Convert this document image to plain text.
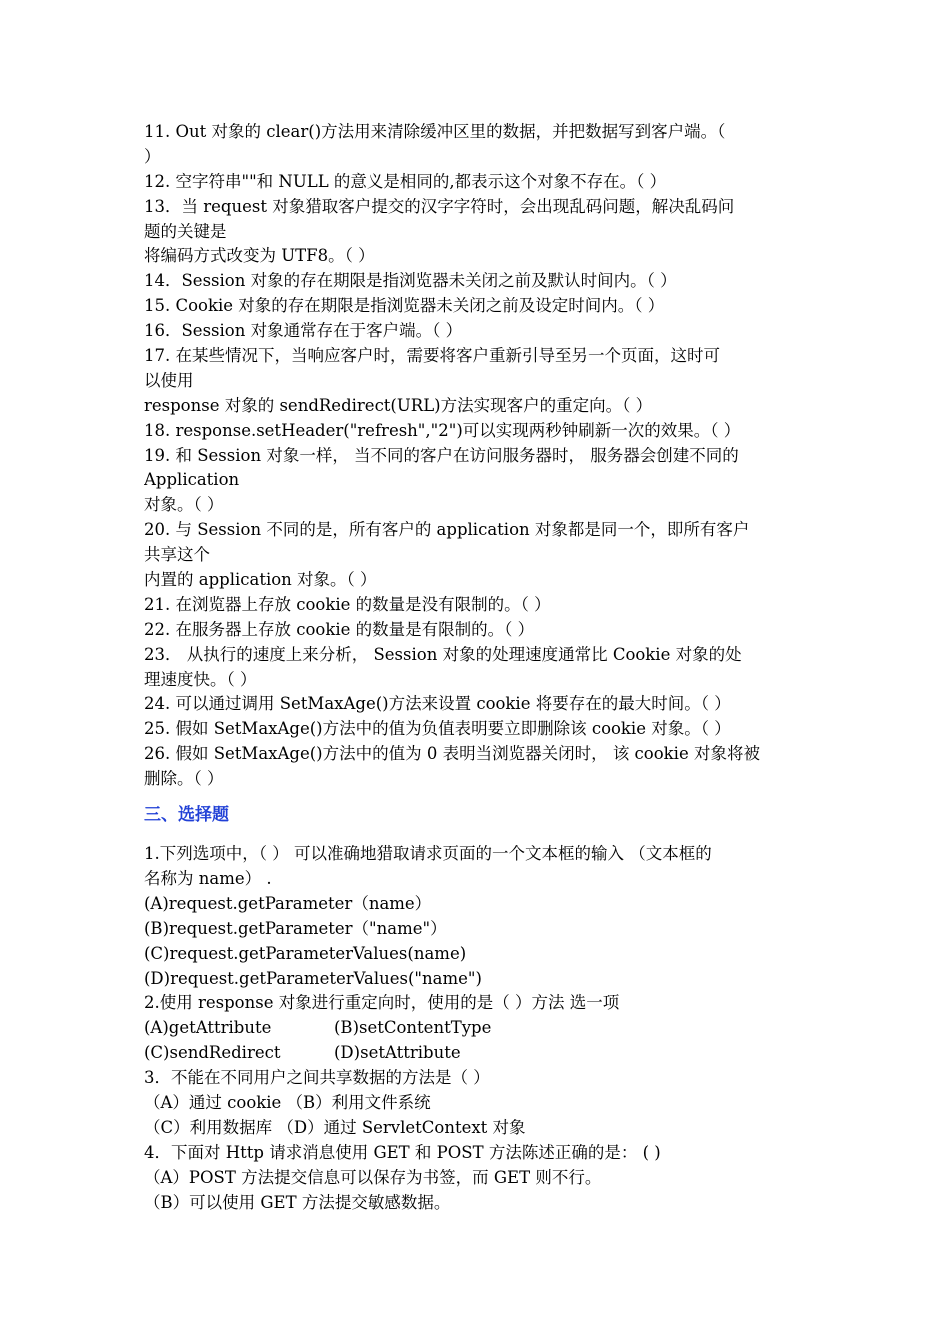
11. Out 对象的 clear()方法用来清除缓冲区里的数据，并把数据写到客户端。（
）
12. 空字符串""和 NULL 的意义是相同的,都表示这个对象不存在。（ ）
13．当 request 对象猎取客户提交的汉字字符时，会出现乱码问题，解决乱码问
题的关键是
将编码方式改变为 UTF8。（ ）
14．Session 对象的存在期限是指浏览器未关闭之前及默认时间内。（ ）
15. Cookie 对象的存在期限是指浏览器未关闭之前及设定时间内。（ ）
16．Session 对象通常存在于客户端。（ ）
17. 在某些情况下，当响应客户时，需要将客户重新引导至另一个页面，这时可
以使用
response 对象的 sendRedirect(URL)方法实现客户的重定向。（ ）
18. response.setHeader("refresh","2")可以实现两秒钟刷新一次的效果。（ ）
19. 和 Session 对象一样， 当不同的客户在访问服务器时， 服务器会创建不同的
Application
对象。（ ）
20. 与 Session 不同的是，所有客户的 application 对象都是同一个，即所有客户
共享这个
内置的 application 对象。（ ）
21. 在浏览器上存放 cookie 的数量是没有限制的。（ ）
22. 在服务器上存放 cookie 的数量是有限制的。（ ）
23． 从执行的速度上来分析， Session 对象的处理速度通常比 Cookie 对象的处
理速度快。（ ）
24. 可以通过调用 SetMaxAge()方法来设置 cookie 将要存在的最大时间。（ ）
25. 假如 SetMaxAge()方法中的值为负值表明要立即删除该 cookie 对象。（ ）
26. 假如 SetMaxAge()方法中的值为 0 表明当浏览器关闭时， 该 cookie 对象将被
删除。（ ）
三、选择题
1.下列选项中，（ ） 可以准确地猎取请求页面的一个文本框的输入 （文本框的
名称为 name） .
(A)request.getParameter（name）
(B)request.getParameter（"name"）
(C)request.getParameterValues(name)
(D)request.getParameterValues("name")
2.使用 response 对象进行重定向时，使用的是（ ）方法 选一项
(A)getAttribute	(B)setContentType
(C)sendRedirect	(D)setAttribute
3．不能在不同用户之间共享数据的方法是（ ）
（A）通过 cookie （B）利用文件系统
（C）利用数据库 （D）通过 ServletContext 对象
4．下面对 Http 请求消息使用 GET 和 POST 方法陈述正确的是： ( )
（A）POST 方法提交信息可以保存为书签，而 GET 则不行。
（B）可以使用 GET 方法提交敏感数据。
